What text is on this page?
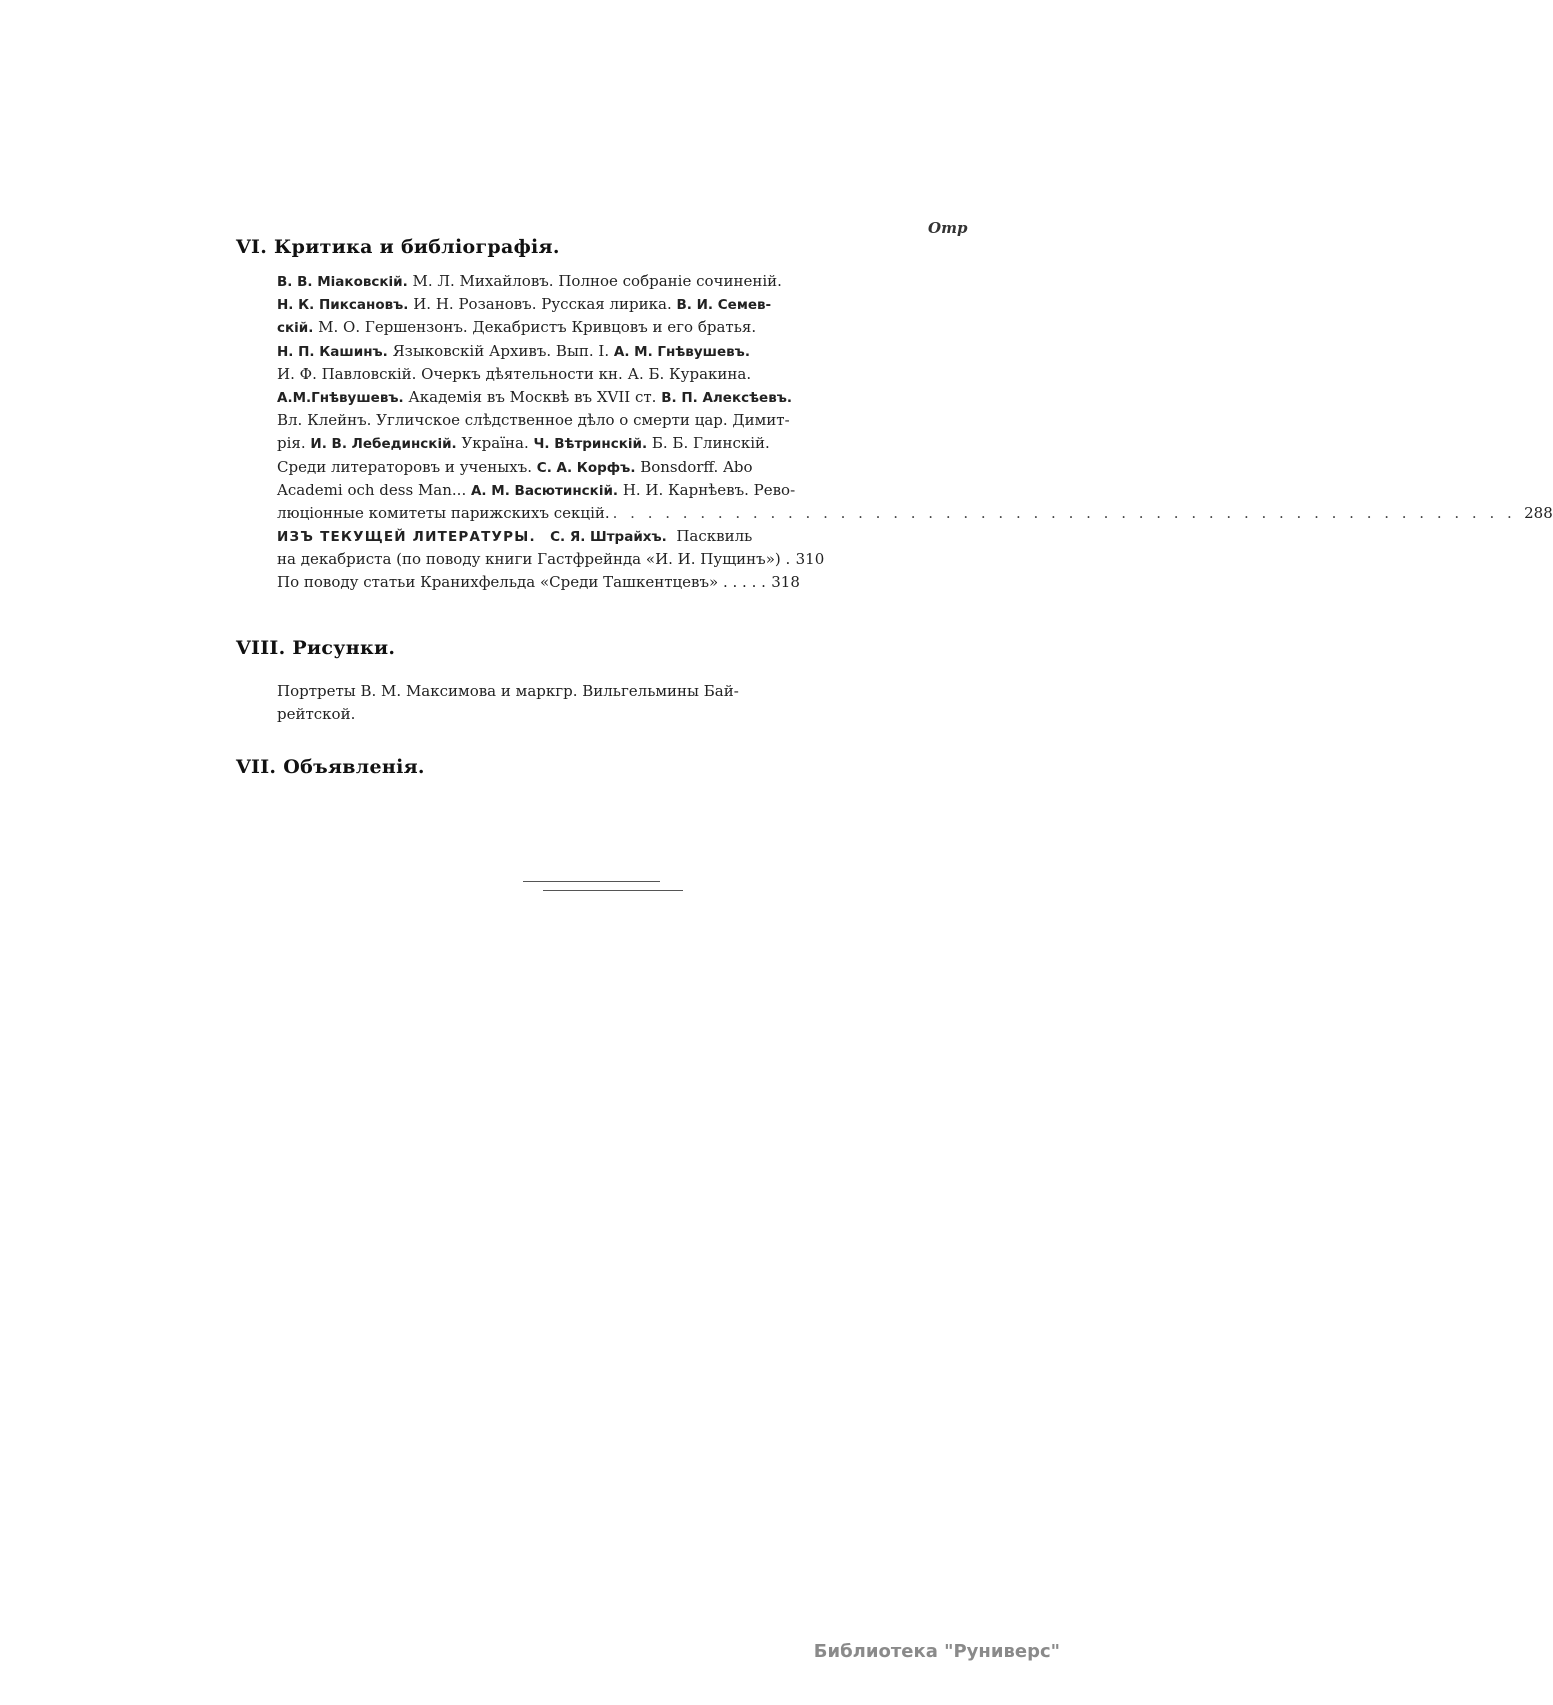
Отр
VI. Критика и библiографiя.
В. В. Мiаковскiй. М. Л. Михайловъ. Полное собранiе сочиненiй.
Н. К. Пиксановъ. И. Н. Розановъ. Русская лирика. В. И. Семев-
скiй. М. О. Гершензонъ. Декабристъ Кривцовъ и его братья.
Н. П. Кашинъ. Языковскiй Архивъ. Вып. I. А. М. Гнѣвушевъ.
И. Ф. Павловскiй. Очеркъ дѣятельности кн. А. Б. Куракина.
А.М.Гнѣвушевъ. Академiя въ Москвѣ въ XVII ст. В. П. Алексѣевъ.
Вл. Клейнъ. Угличское слѣдственное дѣло о смерти цар. Димит-
рiя. И. В. Лебединскiй. Украïна. Ч. Вѣтринскiй. Б. Б. Глинскiй.
Среди литераторовъ и ученыхъ. С. А. Корфъ. Bonsdorff. Abo
Academi och dess Man... А. М. Васютинскiй. Н. И. Карнѣевъ. Рево-
люцiонные комитеты парижскихъ секцiй.
. . .	288
ИЗЪ ТЕКУЩЕЙ ЛИТЕРАТУРЫ. С. Я. Штрайхъ. Пасквиль
на декабриста (по поводу книги Гастфрейнда «И. И. Пущинъ») . 310
По поводу статьи Кранихфельда «Среди Ташкентцевъ» . . . . . 318
VIII. Рисунки.
Портреты В. М. Максимова и маркгр. Вильгельмины Бай-
рейтской.
VII. Объявленiя.
Библиотека "Руниверс"
